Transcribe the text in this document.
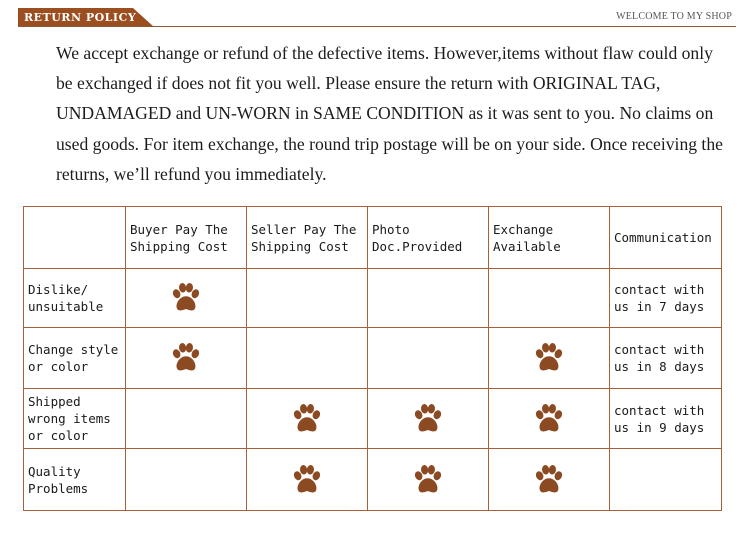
RETURN POLICY	WELCOME TO MY SHOP
We accept exchange or refund of the defective items. However,items without flaw could only be exchanged if does not fit you well. Please ensure the return with ORIGINAL TAG, UNDAMAGED and UN-WORN in SAME CONDITION as it was sent to you. No claims on used goods. For item exchange, the round trip postage will be on your side. Once receiving the returns, we’ll refund you immediately.
	Buyer Pay The Shipping Cost	Seller Pay The Shipping Cost	Photo Doc.Provided	Exchange Available	Communication
Dislike/ unsuitable					contact with us in 7 days
Change style or color					contact with us in 8 days
Shipped wrong items or color					contact with us in 9 days
Quality Problems					
